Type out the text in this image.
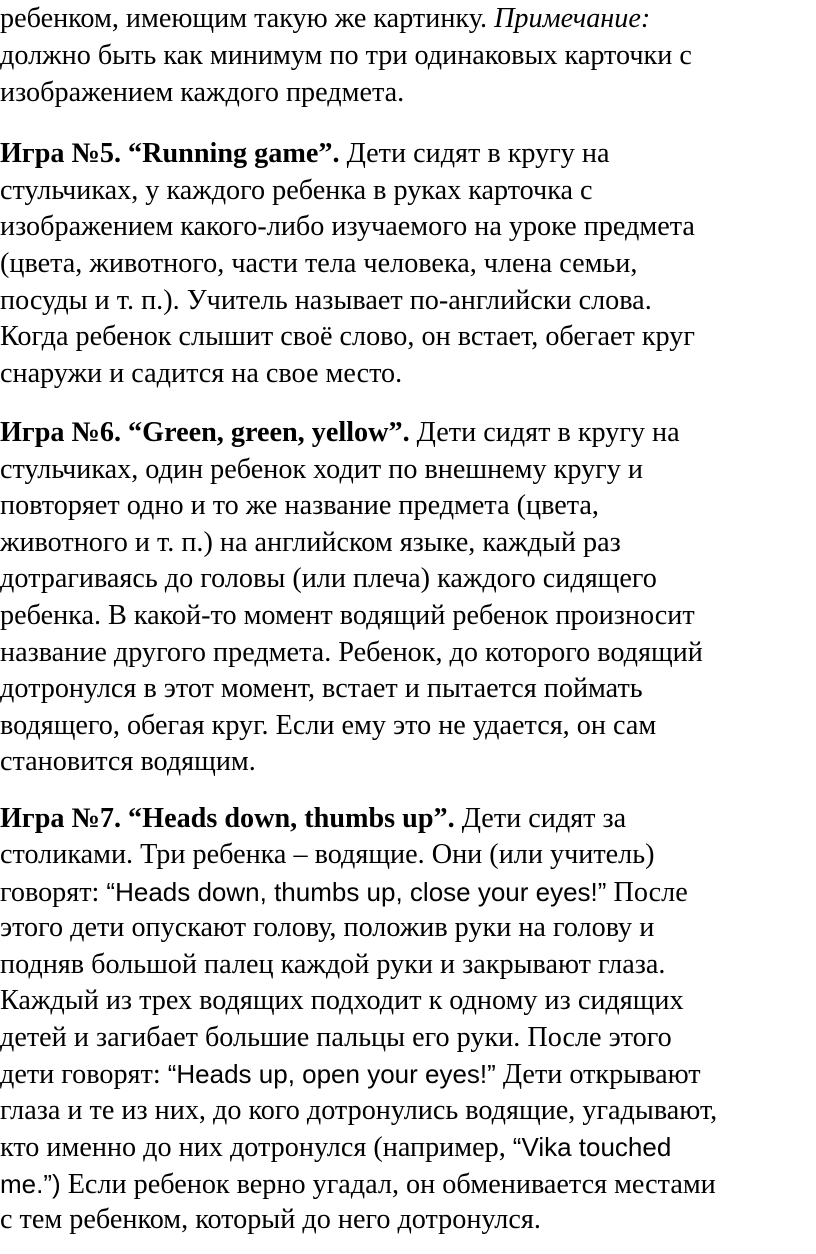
ребенком, имеющим такую же картинку. Примечание:
должно быть как минимум по три одинаковых карточки с
изображением каждого предмета.
Игра №5. “Running game”. Дети сидят в кругу на
стульчиках, у каждого ребенка в руках карточка с
изображением какого-либо изучаемого на уроке предмета
(цвета, животного, части тела человека, члена семьи,
посуды и т. п.). Учитель называет по-английски слова.
Когда ребенок слышит своё слово, он встает, обегает круг
снаружи и садится на свое место.
Игра №6. “Green, green, yellow”. Дети сидят в кругу на
стульчиках, один ребенок ходит по внешнему кругу и
повторяет одно и то же название предмета (цвета,
животного и т. п.) на английском языке, каждый раз
дотрагиваясь до головы (или плеча) каждого сидящего
ребенка. В какой-то момент водящий ребенок произносит
название другого предмета. Ребенок, до которого водящий
дотронулся в этот момент, встает и пытается поймать
водящего, обегая круг. Если ему это не удается, он сам
становится водящим.
Игра №7. “Heads down, thumbs up”. Дети сидят за
столиками. Три ребенка – водящие. Они (или учитель)
говорят: “Heads down, thumbs up, close your eyes!” После
этого дети опускают голову, положив руки на голову и
подняв большой палец каждой руки и закрывают глаза.
Каждый из трех водящих подходит к одному из сидящих
детей и загибает большие пальцы его руки. После этого
дети говорят: “Heads up, open your eyes!” Дети открывают
глаза и те из них, до кого дотронулись водящие, угадывают,
кто именно до них дотронулся (например, “Vika touched
me.”) Если ребенок верно угадал, он обменивается местами
с тем ребенком, который до него дотронулся.
